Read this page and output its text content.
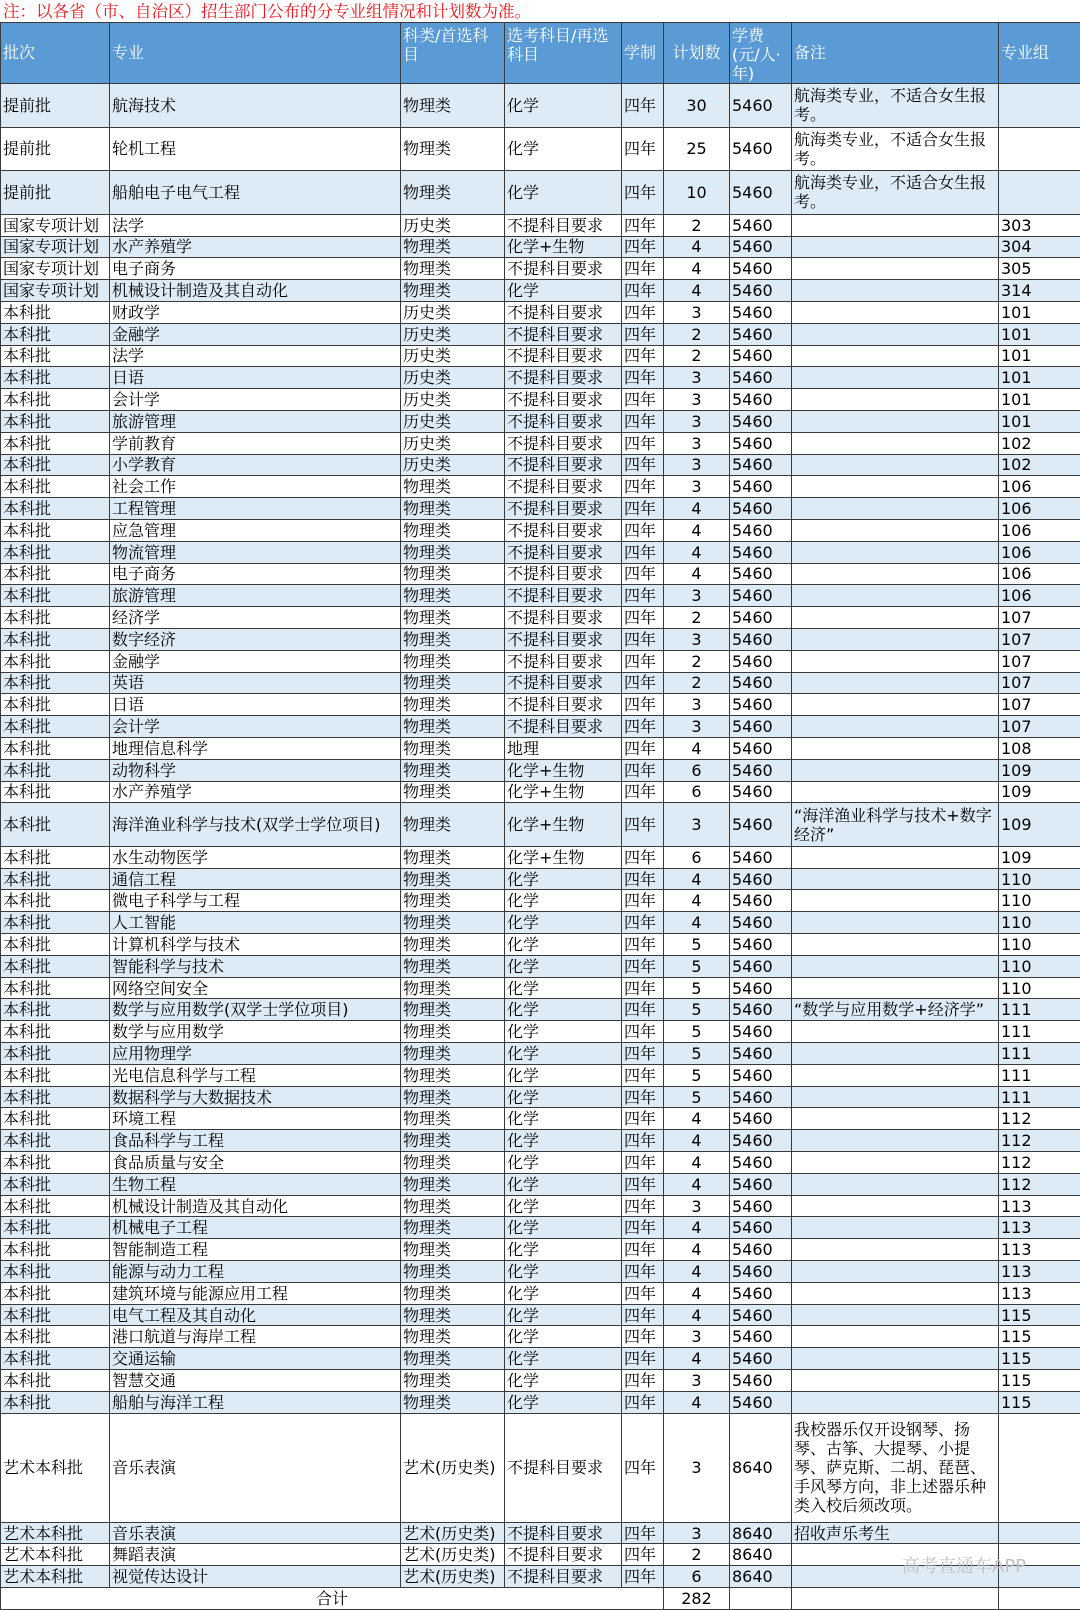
注：以各省（市、自治区）招生部门公布的分专业组情况和计划数为准。
批次	专业	科类/首选科目	选考科目/再选科目	学制	计划数	学费(元/人·年)	备注	专业组
提前批	航海技术	物理类	化学	四年	30	5460	航海类专业，不适合女生报考。	
提前批	轮机工程	物理类	化学	四年	25	5460	航海类专业，不适合女生报考。	
提前批	船舶电子电气工程	物理类	化学	四年	10	5460	航海类专业，不适合女生报考。	
国家专项计划	法学	历史类	不提科目要求	四年	2	5460		303
国家专项计划	水产养殖学	物理类	化学+生物	四年	4	5460		304
国家专项计划	电子商务	物理类	不提科目要求	四年	4	5460		305
国家专项计划	机械设计制造及其自动化	物理类	化学	四年	4	5460		314
本科批	财政学	历史类	不提科目要求	四年	3	5460		101
本科批	金融学	历史类	不提科目要求	四年	2	5460		101
本科批	法学	历史类	不提科目要求	四年	2	5460		101
本科批	日语	历史类	不提科目要求	四年	3	5460		101
本科批	会计学	历史类	不提科目要求	四年	3	5460		101
本科批	旅游管理	历史类	不提科目要求	四年	3	5460		101
本科批	学前教育	历史类	不提科目要求	四年	3	5460		102
本科批	小学教育	历史类	不提科目要求	四年	3	5460		102
本科批	社会工作	物理类	不提科目要求	四年	3	5460		106
本科批	工程管理	物理类	不提科目要求	四年	4	5460		106
本科批	应急管理	物理类	不提科目要求	四年	4	5460		106
本科批	物流管理	物理类	不提科目要求	四年	4	5460		106
本科批	电子商务	物理类	不提科目要求	四年	4	5460		106
本科批	旅游管理	物理类	不提科目要求	四年	3	5460		106
本科批	经济学	物理类	不提科目要求	四年	2	5460		107
本科批	数字经济	物理类	不提科目要求	四年	3	5460		107
本科批	金融学	物理类	不提科目要求	四年	2	5460		107
本科批	英语	物理类	不提科目要求	四年	2	5460		107
本科批	日语	物理类	不提科目要求	四年	3	5460		107
本科批	会计学	物理类	不提科目要求	四年	3	5460		107
本科批	地理信息科学	物理类	地理	四年	4	5460		108
本科批	动物科学	物理类	化学+生物	四年	6	5460		109
本科批	水产养殖学	物理类	化学+生物	四年	6	5460		109
本科批	海洋渔业科学与技术(双学士学位项目)	物理类	化学+生物	四年	3	5460	“海洋渔业科学与技术+数字经济”	109
本科批	水生动物医学	物理类	化学+生物	四年	6	5460		109
本科批	通信工程	物理类	化学	四年	4	5460		110
本科批	微电子科学与工程	物理类	化学	四年	4	5460		110
本科批	人工智能	物理类	化学	四年	4	5460		110
本科批	计算机科学与技术	物理类	化学	四年	5	5460		110
本科批	智能科学与技术	物理类	化学	四年	5	5460		110
本科批	网络空间安全	物理类	化学	四年	5	5460		110
本科批	数学与应用数学(双学士学位项目)	物理类	化学	四年	5	5460	“数学与应用数学+经济学”	111
本科批	数学与应用数学	物理类	化学	四年	5	5460		111
本科批	应用物理学	物理类	化学	四年	5	5460		111
本科批	光电信息科学与工程	物理类	化学	四年	5	5460		111
本科批	数据科学与大数据技术	物理类	化学	四年	5	5460		111
本科批	环境工程	物理类	化学	四年	4	5460		112
本科批	食品科学与工程	物理类	化学	四年	4	5460		112
本科批	食品质量与安全	物理类	化学	四年	4	5460		112
本科批	生物工程	物理类	化学	四年	4	5460		112
本科批	机械设计制造及其自动化	物理类	化学	四年	3	5460		113
本科批	机械电子工程	物理类	化学	四年	4	5460		113
本科批	智能制造工程	物理类	化学	四年	4	5460		113
本科批	能源与动力工程	物理类	化学	四年	4	5460		113
本科批	建筑环境与能源应用工程	物理类	化学	四年	4	5460		113
本科批	电气工程及其自动化	物理类	化学	四年	4	5460		115
本科批	港口航道与海岸工程	物理类	化学	四年	3	5460		115
本科批	交通运输	物理类	化学	四年	4	5460		115
本科批	智慧交通	物理类	化学	四年	3	5460		115
本科批	船舶与海洋工程	物理类	化学	四年	4	5460		115
艺术本科批	音乐表演	艺术(历史类)	不提科目要求	四年	3	8640	我校器乐仅开设钢琴、扬琴、古筝、大提琴、小提琴、萨克斯、二胡、琵琶、手风琴方向，非上述器乐种类入校后须改项。	
艺术本科批	音乐表演	艺术(历史类)	不提科目要求	四年	3	8640	招收声乐考生	
艺术本科批	舞蹈表演	艺术(历史类)	不提科目要求	四年	2	8640		
艺术本科批	视觉传达设计	艺术(历史类)	不提科目要求	四年	6	8640		
合计					282			
高考直通车APP
